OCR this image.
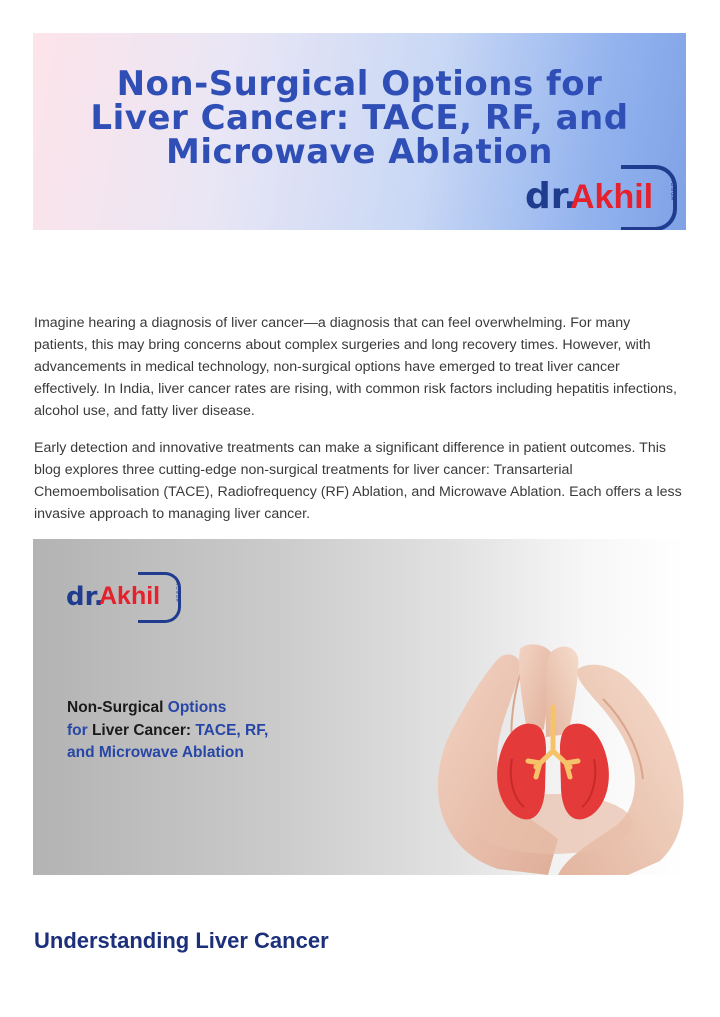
Non-Surgical Options for
Liver Cancer: TACE, RF, and
Microwave Ablation
dr.
Akhil	MONGA

Imagine hearing a diagnosis of liver cancer—a diagnosis that can feel overwhelming. For many patients, this may bring concerns about complex surgeries and long recovery times. However, with advancements in medical technology, non-surgical options have emerged to treat liver cancer effectively. In India, liver cancer rates are rising, with common risk factors including hepatitis infections, alcohol use, and fatty liver disease.

Early detection and innovative treatments can make a significant difference in patient outcomes. This blog explores three cutting-edge non-surgical treatments for liver cancer: Transarterial Chemoembolisation (TACE), Radiofrequency (RF) Ablation, and Microwave Ablation. Each offers a less invasive approach to managing liver cancer.

dr.
Akhil	MONGA
Non-Surgical Options
for Liver Cancer: TACE, RF,
and Microwave Ablation
Understanding Liver Cancer
